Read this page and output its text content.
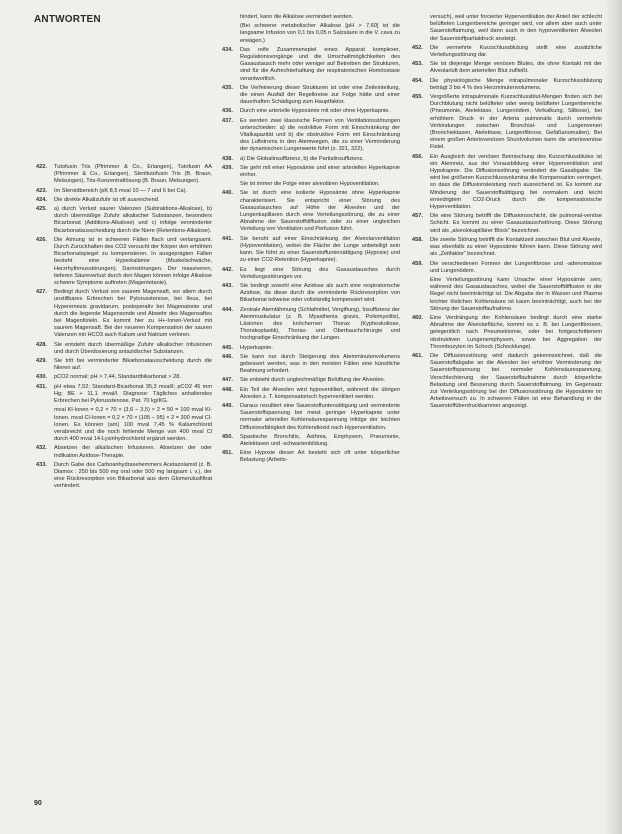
ANTWORTEN
422.	Tutofusin Tris (Pfrimmer & Co., Erlangen), Tutofusin AA (Pfrimmer & Co., Erlangen), Steriltutofusin Tris (B. Braun, Melsungen), Tris-Konzentratlösung (B. Braun, Melsungen).
423.	Im Steroidbereich (pK 8,5 mval 10 — 7 und 6 bei Ca).
424.	Die direkte Alkalizufuhr ist oft ausreichend.
425.	a) durch Verlust saurer Valenzen (Subtraktions-Alkalose), b) durch übermäßige Zufuhr alkalischer Substanzen, besonders Bicarbonat (Additions-Alkalose) und c) infolge verminderter Bicarbonatausscheidung durch die Niere (Retentions-Alkalose).
426.	Die Atmung ist in schweren Fällen flach und verlangsamt. Durch Zurückhalten des CO2 versucht der Körper den erhöhten Bicarbonatspiegel zu kompensieren. In ausgeprägten Fällen besteht eine Hyperkalämie (Muskelschwäche, Herzrhythmusstörungen). Darmstörungen. Der massiveren, tieferen Säureverlust durch den Magen können infolge Alkalose schwere Symptome auftreten (Magentetanie).
427.	Bedingt durch Verlust von saurem Magensaft, vor allem durch unstillbares Erbrechen bei Pylorusstenose, bei Ileus, bei Hyperemesis gravidarum, postoperativ bei Magenatonie und durch die liegende Magensonde und Abwehr des Magensaftes bei Magenfisteln. Es kommt hier zu H+-Ionen-Verlust mit saurem Magensaft. Bei der neueren Kompensation der sauren Valenzen mit HCO3 auch Kalium und Natrium verloren.
428.	Sie entsteht durch übermäßige Zufuhr alkalischer Infusionen und durch Überdosierung antazidischer Substanzen.
429.	Sie tritt bei verminderter Bikarbonatausscheidung durch die Nieren auf.
430.	pCO2 normal; pH > 7,44, Standardbikarbonat > 28.
431.	pH etwa 7,52; Standard-Bicarbonat 35,3 mval/l; pCO2 45 mm Hg; BE + 11,1 mval/l. Diagnose: Tägliches anhaltendes Erbrechen bei Pylorusstenose, Pat. 70 kg/KG.
mval Kl-Ionen = 0,2 × 70 × (3,6 − 3,5) × 2 = 50 = 100 mval Kl-Ionen. mval Cl-Ionen = 0,2 × 70 × (105 − 95) × 2 = 300 mval Cl-Ionen. Es können (am) 100 mval 7,45 % Kaliumchlorid verabreicht und die noch fehlende Menge von 400 mval Cl durch 400 mval 14-Lysinhydrochlorid ergänzt werden.
432.	Absetzen der alkalischen Infusionen. Absetzen der oder Indikation Azidose-Therapie.
433.	Durch Gabe des Carboanhydrasehemmers Acetazolamid (z. B. Diamox : 250 bis 500 mg oral oder 500 mg langsam i. v.), der eine Rückresorption von Bikarbonat aus dem Glomerulusfiltrat verhindert.
hindert, kann die Alkalose vermindert werden.
(Bei schwerer metabolischer Alkalose [pH > 7,60] ist die langsame Infusion von 0,1 bis 0,05 n Salzsäure in die V. cava zu erwägen.)
434.	Das reife Zusammenspiel eines Apparat komplexer, Regulationsvorgänge und die Umschaltmöglichkeiten des Gasaustausch mehr oder weniger auf Betreiben der Strukturen, sind für die Aufrechterhaltung der respiratorischen Homöostase verantwortlich.
435.	Die Verfeinerung dieser Strukturen ist oder eine Zeiteinteilung, die einen Ausfall der Regelkreise zur Folge hätte und einer dauerhaften Schädigung zum Hauptfaktor.
436.	Durch eine arterielle Hypoxämie mit oder ohne Hyperkapnie.
437.	Es werden zwei klassische Formen von Ventilationsstörungen unterschieden: a) die restriktive Form mit Einschränkung der Vitalkapazität und b) die obstruktive Form mit Einschränkung des Luftstroms in den Atemwegen, die zu einer Verminderung der dynamischen Lungenwerte führt (s. 321, 322).
438.	a) Die Globalinsuffizienz, b) die Partialinsuffizienz.
439.	Sie geht mit einer Hypoxämie und einer arteriellen Hyperkapnie einher.
Sie ist immer die Folge einer alveolären Hypoventilation.
440.	Sie ist durch eine isolierte Hypoxämie ohne Hyperkapnie charakterisiert. Sie entspricht einer Störung des Gasaustausches auf Höhe der Alveolen und der Lungenkapillaren durch eine Verteilungsstörung, die zu einer Abnahme der Sauerstoffdiffusion oder zu einer ungleichen Verteilung von Ventilation und Perfusion führt.
441.	Sie beruht auf einer Einschränkung der Alveolarventilation (Hypoventilation), wobei die Fläche der Lunge unbeteiligt sein kann. Sie führt zu einer Sauerstoffuntersättigung (Hypoxie) und zu einer CO2-Retention (Hyperkapnie).
442.	Es liegt eine Störung des Gasaustausches durch Verteilungsstörungen vor.
443.	Sie bedingt sowohl eine Azidose als auch eine respiratorische Azidose, da diese durch die verminderte Rückresorption von Bikarbonat teilweise oder vollständig kompensiert wird.
444.	Zentrale Atemlähmung (Schlafmittel, Vergiftung), Insuffizienz der Atemmuskulatur (z. B. Myasthenia gravis, Poliomyelitis), Läsionen des knöchernen Thorax (Kyphoskoliose, Thorakoplastik), Thorax- und Oberbauchchirurgie und hochgradige Einschränkung der Lungen.
445.	Hyperkapnie.
446.	Sie kann nur durch Steigerung des Atemminutenvolumens gebessert werden, was in den meisten Fällen eine künstliche Beatmung erfordert.
447.	Sie entsteht durch ungleichmäßige Belüftung der Alveolen.
448.	Ein Teil der Alveolen wird hypoventiliert, während die übrigen Alveolen z. T. kompensatorisch hyperventiliert werden.
449.	Daraus resultiert eine Sauerstoffuntersättigung und verminderte Sauerstoffspannung bei meist geringer Hyperkapnie unter normaler arterieller Kohlensäurespannung infolge der leichten Diffusionsfähigkeit des Kohlendioxid nach Hyperventilation.
450.	Spastische Bronchitis, Asthma, Emphysem, Pneumonie, Atelektasen und -schwartenbildung.
451.	Eine Hypoxie dieser Art besteht sich oft unter körperlicher Belastung (Arbeits-
versuch), weil unter forcierter Hyperventilation der Anteil der schlecht belüfteten Lungenbereiche geringer wird, vor allem aber auch unter Sauerstoffatmung, weil dann auch in den hypoventilierten Alveolen der Sauerstoffpartialdruck ansteigt.
452.	Die vermehrte Kurzschlussblutung stellt eine zusätzliche Verteilungsstörung dar.
453.	Sie ist diejenige Menge venösen Blutes, die ohne Kontakt mit der Alveolarluft dem arteriellen Blut zufließt.
454.	Die physiologische Menge intrapulmonaler Kurzschlussblutung beträgt 3 bis 4 % des Herzminutenvolumens.
455.	Vergrößerte intrapulmonale Kurzschlussblut-Mengen finden sich bei Durchblutung nicht belüfteter oder wenig belüfteter Lungenbereiche (Pneumonie, Atelektase, Lungenödem, Verkalkung, Silikose), bei erhöhtem Druck in der Arteria pulmonalis durch vermehrte Verbindungen zwischen Bronchial- und Lungenvenen (Bronchiektasen, Atelektase, Lungenfibrose, Gefäßanomalien). Bei einem großen Arteriovenösen Shuntvolumen kann die arteriovenöse Fistel.
456.	Ein Ausgleich der venösen Beimischung des Kurzschlussblutes ist ein Atemreiz, aus der Vorausbildung einer Hyperventilation und Hypokapnie. Die Diffusionsstörung verändert die Gasabgabe. Sie wird bei größeren Kurzschlussvolumina die Kompensation verringert, so dass die Diffusionsleistung noch ausreichend ist. Es kommt zur Minderung der Sauerstoffsättigung bei normalem und leicht erniedrigtem CO2-Druck durch die kompensatorische Hyperventilation.
457.	Die eine Störung betrifft die Diffusionsschicht, die pulmonal-venöse Schicht. Es kommt zu einer Gasaustauschstörung. Diese Störung wird als „alveolokapillärer Block“ bezeichnet.
458.	Die zweite Störung betrifft die Kontaktzeit zwischen Blut und Alveole, was ebenfalls zu einer Hypoxämie führen kann. Diese Störung wird als „Zeitfaktor“ bezeichnet.
459.	Die verschiedenen Formen der Lungenfibrose und -adenomatose und Lungenödem.
Eine Verteilungsstörung kann Ursache einer Hypoxämie sein; während des Gasaustausches, wobei die Sauerstoffdiffusion in der Regel nicht beeinträchtigt ist. Die Abgabe der in Wasser und Plasma leichter löslichen Kohlensäure ist kaum beeinträchtigt, auch bei der Störung der Sauerstoffaufnahme.
460.	Eine Verdrängung der Kohlensäure bedingt durch eine starke Abnahme der Alveolarfläche, kommt es z. B. bei Lungenfibrosen, gelegentlich nach Pneumektomie, oder bei fortgeschrittenem obstruktiven Lungenemphysem, sowie bei Aggregation der Thrombozyten im Schock (Schocklunge).
461.	Die Diffusionsstörung wird dadurch gekennzeichnet, daß die Sauerstoffabgabe an die Alveolen bei erhöhter Verminderung der Sauerstoffspannung bei normaler Kohlensäurespannung, Verschlechterung der Sauerstoffaufnahme durch körperliche Belastung und Besserung durch Sauerstoffatmung. Im Gegensatz zur Verteilungsstörung bei der Diffusionsstörung die Hypoxämie im Arbeitsversuch zu. In schweren Fällen ist eine Behandlung in der Sauerstoffüberdruckkammer angezeigt.
90
